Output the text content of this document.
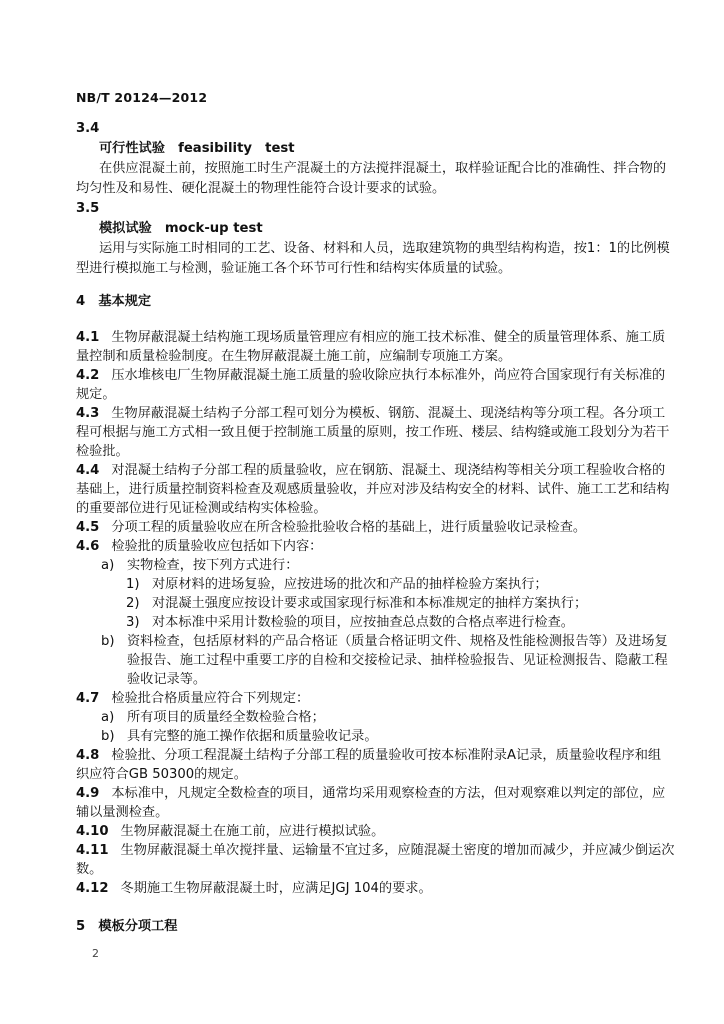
NB/T 20124—2012
3.4
可行性试验　feasibility　test
在供应混凝土前，按照施工时生产混凝土的方法搅拌混凝土，取样验证配合比的准确性、拌合物的
均匀性及和易性、硬化混凝土的物理性能符合设计要求的试验。
3.5
模拟试验　mock-up test
运用与实际施工时相同的工艺、设备、材料和人员，选取建筑物的典型结构构造，按1：1的比例模
型进行模拟施工与检测，验证施工各个环节可行性和结构实体质量的试验。
4　基本规定
4.1 生物屏蔽混凝土结构施工现场质量管理应有相应的施工技术标准、健全的质量管理体系、施工质
量控制和质量检验制度。在生物屏蔽混凝土施工前，应编制专项施工方案。
4.2 压水堆核电厂生物屏蔽混凝土施工质量的验收除应执行本标准外，尚应符合国家现行有关标准的
规定。
4.3 生物屏蔽混凝土结构子分部工程可划分为模板、钢筋、混凝土、现浇结构等分项工程。各分项工
程可根据与施工方式相一致且便于控制施工质量的原则，按工作班、楼层、结构缝或施工段划分为若干
检验批。
4.4 对混凝土结构子分部工程的质量验收，应在钢筋、混凝土、现浇结构等相关分项工程验收合格的
基础上，进行质量控制资料检查及观感质量验收，并应对涉及结构安全的材料、试件、施工工艺和结构
的重要部位进行见证检测或结构实体检验。
4.5 分项工程的质量验收应在所含检验批验收合格的基础上，进行质量验收记录检查。
4.6 检验批的质量验收应包括如下内容：
a) 实物检查，按下列方式进行：
1) 对原材料的进场复验，应按进场的批次和产品的抽样检验方案执行；
2) 对混凝土强度应按设计要求或国家现行标准和本标准规定的抽样方案执行；
3) 对本标准中采用计数检验的项目，应按抽查总点数的合格点率进行检查。
b) 资料检查，包括原材料的产品合格证（质量合格证明文件、规格及性能检测报告等）及进场复
验报告、施工过程中重要工序的自检和交接检记录、抽样检验报告、见证检测报告、隐蔽工程
验收记录等。
4.7 检验批合格质量应符合下列规定：
a) 所有项目的质量经全数检验合格；
b) 具有完整的施工操作依据和质量验收记录。
4.8 检验批、分项工程混凝土结构子分部工程的质量验收可按本标准附录A记录，质量验收程序和组
织应符合GB 50300的规定。
4.9 本标准中，凡规定全数检查的项目，通常均采用观察检查的方法，但对观察难以判定的部位，应
辅以量测检查。
4.10 生物屏蔽混凝土在施工前，应进行模拟试验。
4.11 生物屏蔽混凝土单次搅拌量、运输量不宜过多，应随混凝土密度的增加而减少，并应减少倒运次
数。
4.12 冬期施工生物屏蔽混凝土时，应满足JGJ 104的要求。
5　模板分项工程
2
